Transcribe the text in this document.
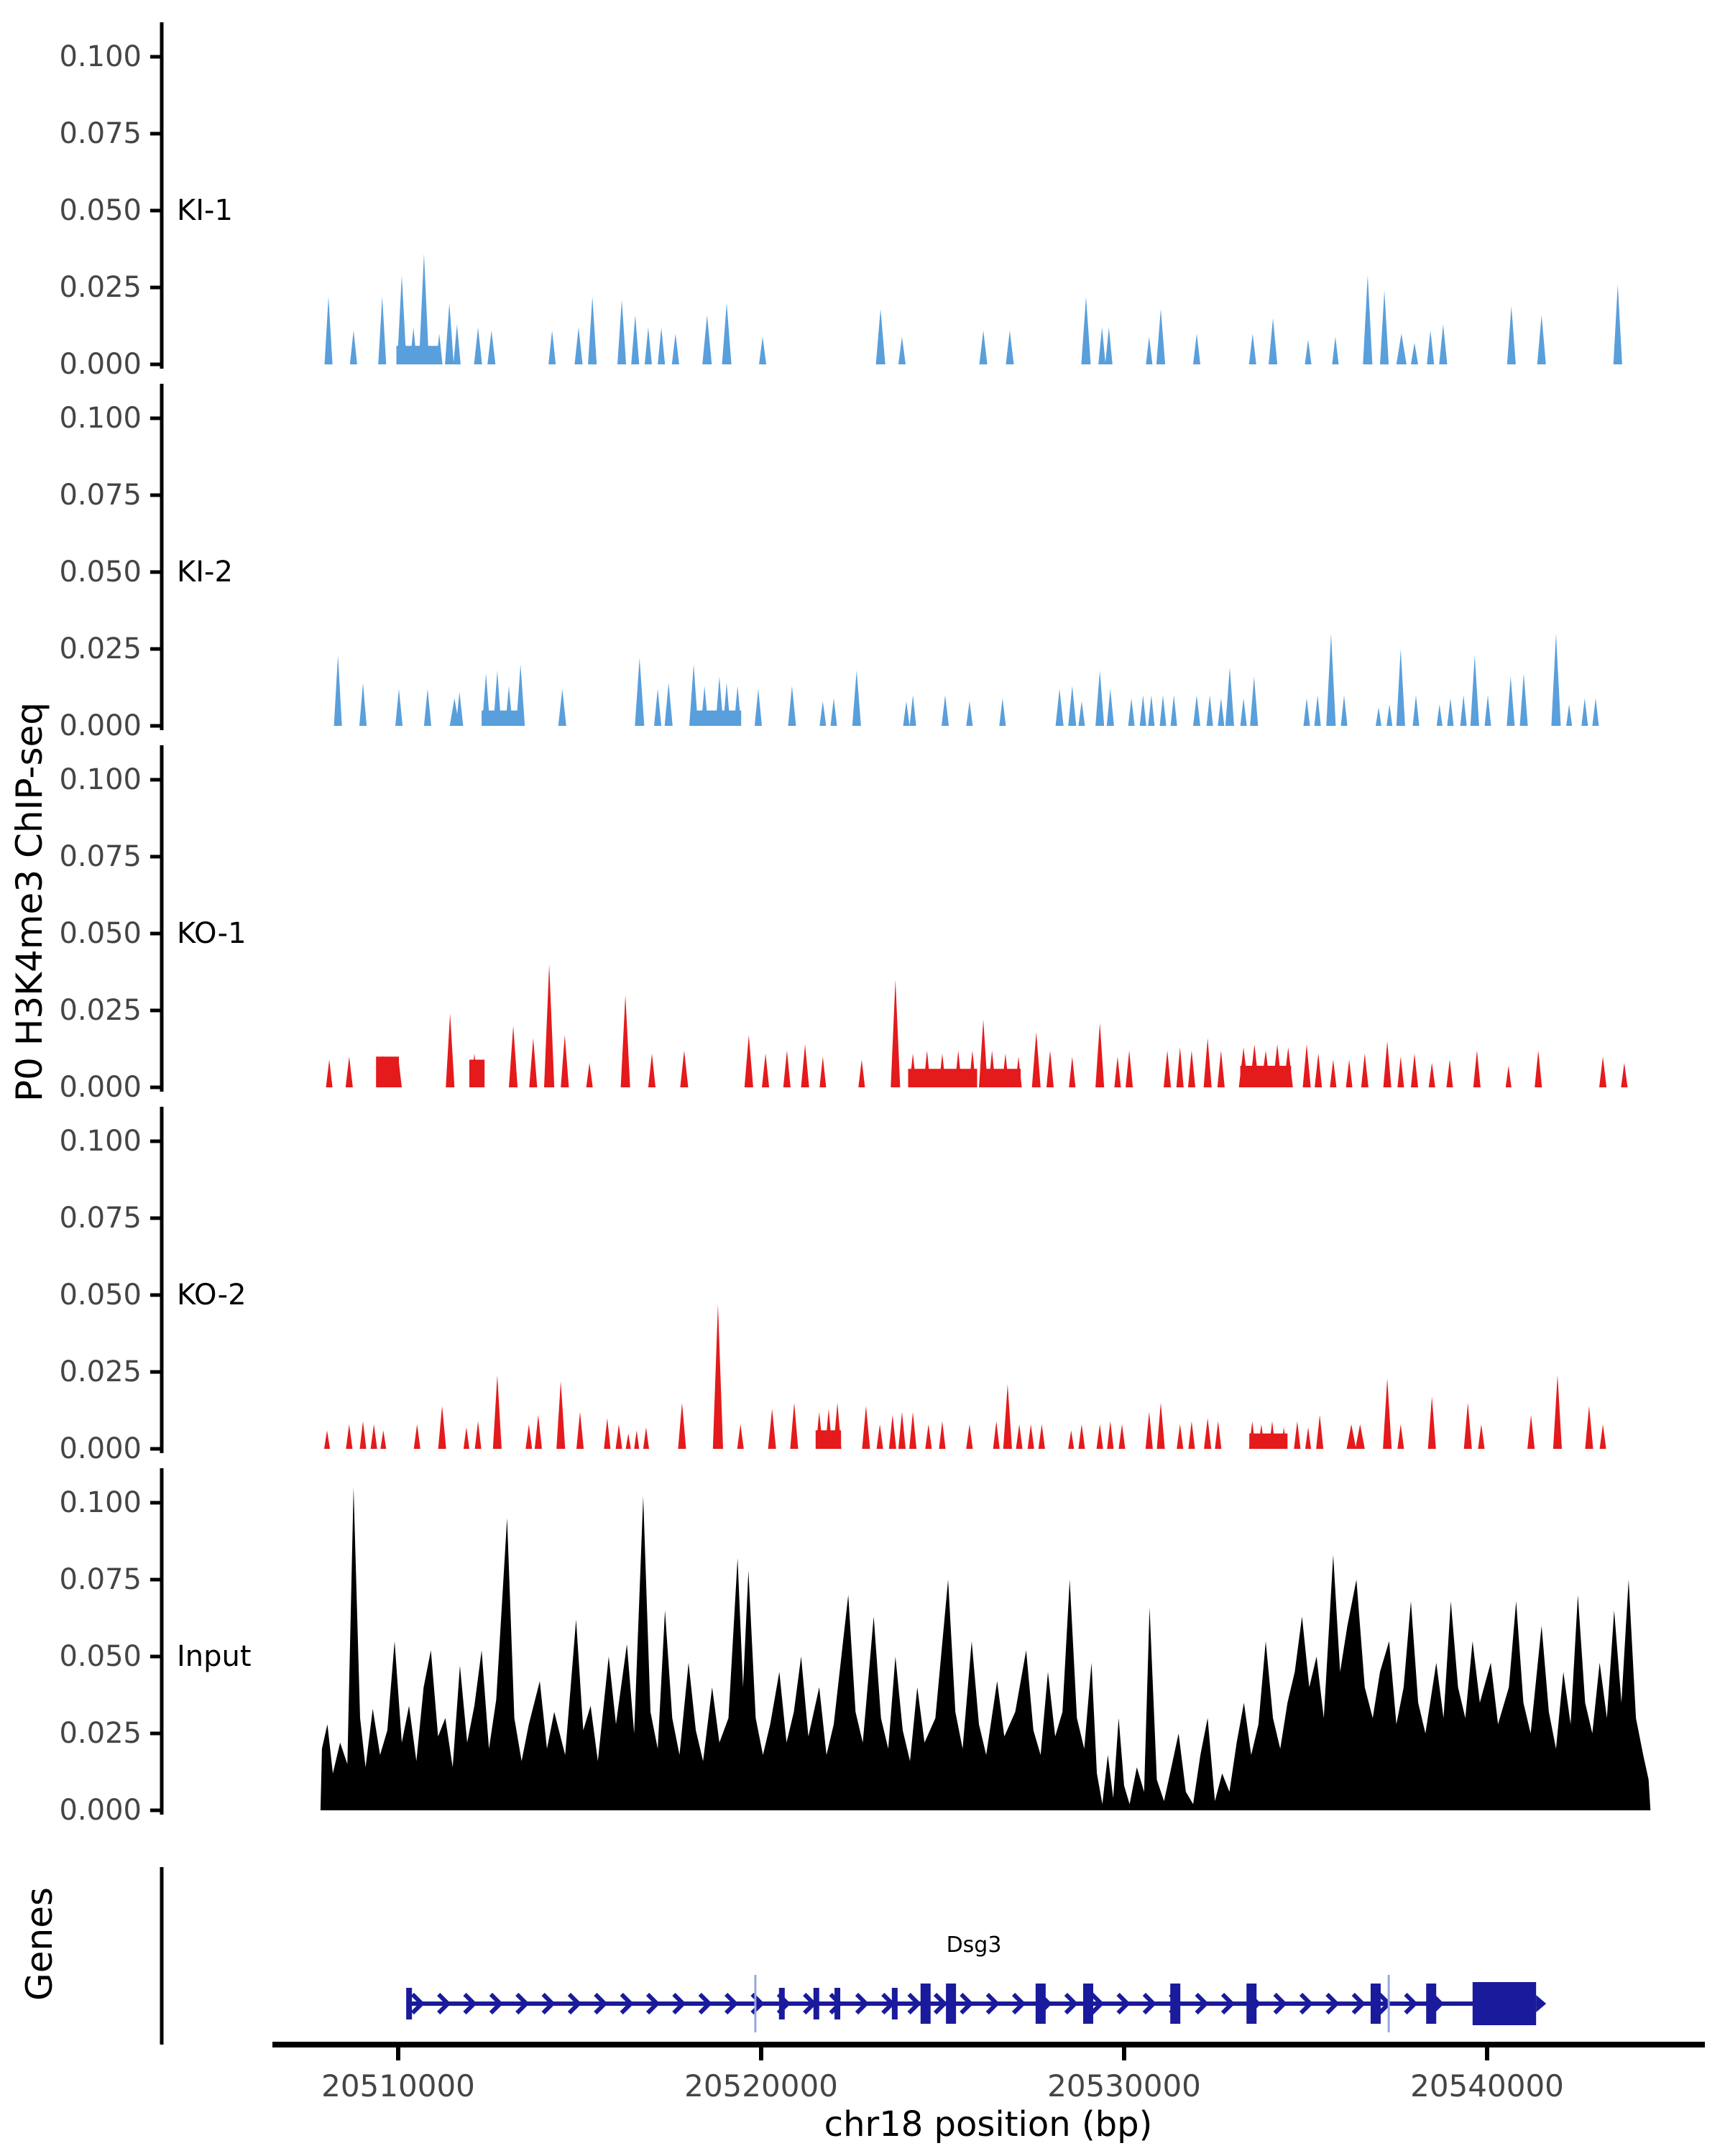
P0 H3K4me3 ChIP-seq
Genes
0.000
0.025
0.050
0.075
0.100
KI-1
0.000
0.025
0.050
0.075
0.100
KI-2
0.000
0.025
0.050
0.075
0.100
KO-1
0.000
0.025
0.050
0.075
0.100
KO-2
0.000
0.025
0.050
0.075
0.100
Input
20510000	20520000	20530000	20540000
Dsg3
chr18 position (bp)
